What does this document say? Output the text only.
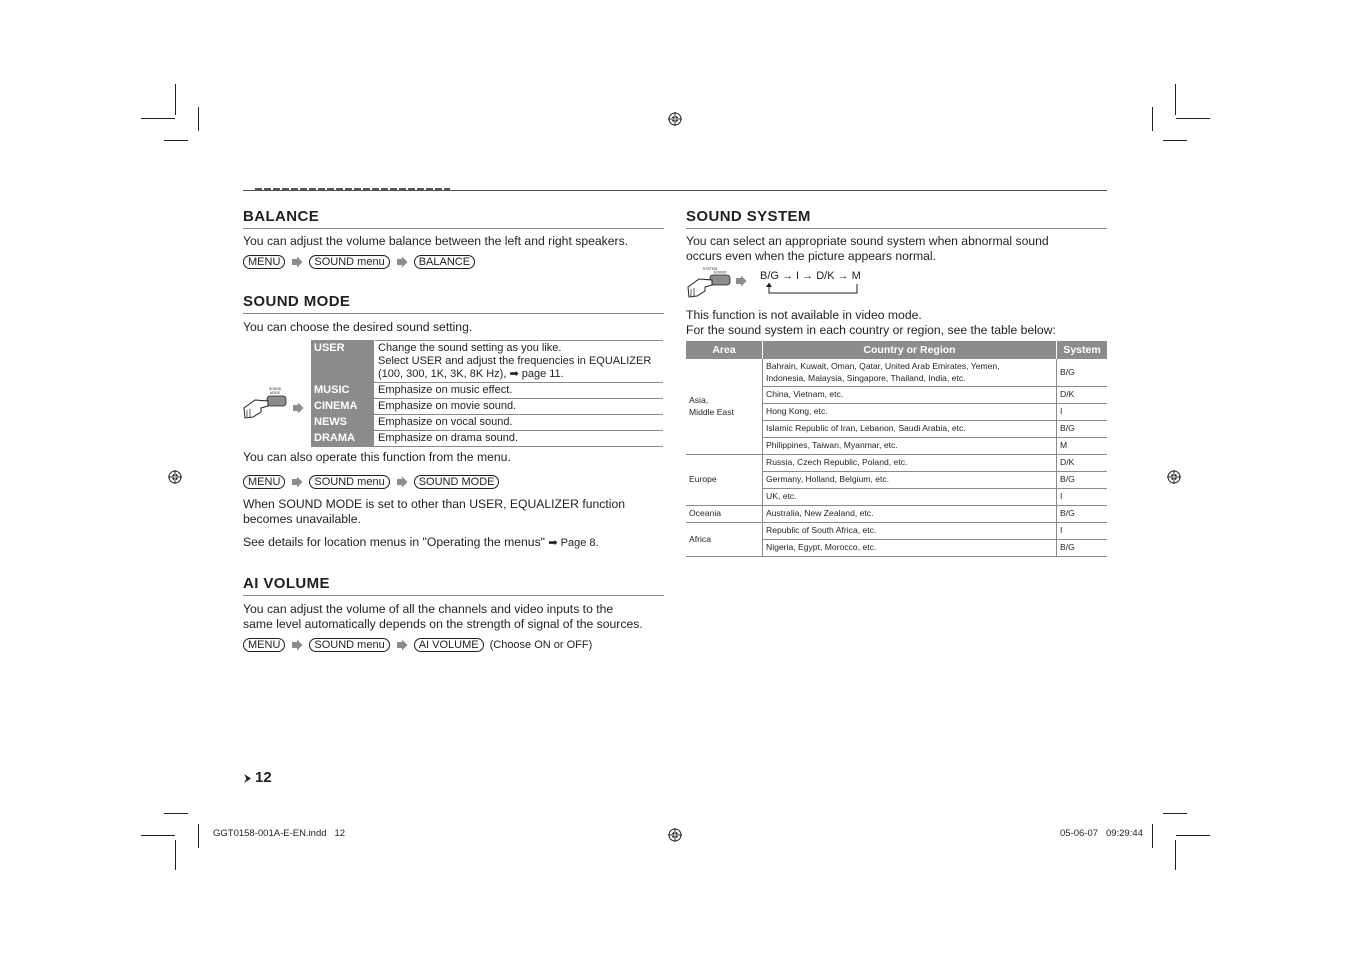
BALANCE

You can adjust the volume balance between the left and right speakers.

MENU	SOUND menu	BALANCE
SOUND MODE

You can choose the desired sound setting.

SOUND
MODE
USER	Change the sound setting as you like.
Select USER and adjust the frequencies in EQUALIZER
(100, 300, 1K, 3K, 8K Hz), ➡ page 11.
MUSIC	Emphasize on music effect.
CINEMA	Emphasize on movie sound.
NEWS	Emphasize on vocal sound.
DRAMA	Emphasize on drama sound.

You can also operate this function from the menu.

MENU	SOUND menu	SOUND MODE

When SOUND MODE is set to other than USER, EQUALIZER function
becomes unavailable.

See details for location menus in "Operating the menus" ➡ Page 8.

AI VOLUME

You can adjust the volume of all the channels and video inputs to the
same level automatically depends on the strength of signal of the sources.

MENU	SOUND menu	AI VOLUME	(Choose ON or OFF)
SOUND SYSTEM

You can select an appropriate sound system when abnormal sound
occurs even when the picture appears normal.

SYSTEM
SOUND	B/G → I → D/K → M

This function is not available in video mode.
For the sound system in each country or region, see the table below:

Area	Country or Region	System
Asia,
Middle East	Bahrain, Kuwait, Oman, Qatar, United Arab Emirates, Yemen,
Indonesia, Malaysia, Singapore, Thailand, India, etc.	B/G
	China, Vietnam, etc.	D/K
	Hong Kong, etc.	I
	Islamic Republic of Iran, Lebanon, Saudi Arabia, etc.	B/G
	Philippines, Taiwan, Myanmar, etc.	M
Europe	Russia, Czech Republic, Poland, etc.	D/K
	Germany, Holland, Belgium, etc.	B/G
	UK, etc.	I
Oceania	Australia, New Zealand, etc.	B/G
Africa	Republic of South Africa, etc.	I
	Nigeria, Egypt, Morocco, etc.	B/G
12
GGT0158-001A-E-EN.indd   12	05-06-07   09:29:44
